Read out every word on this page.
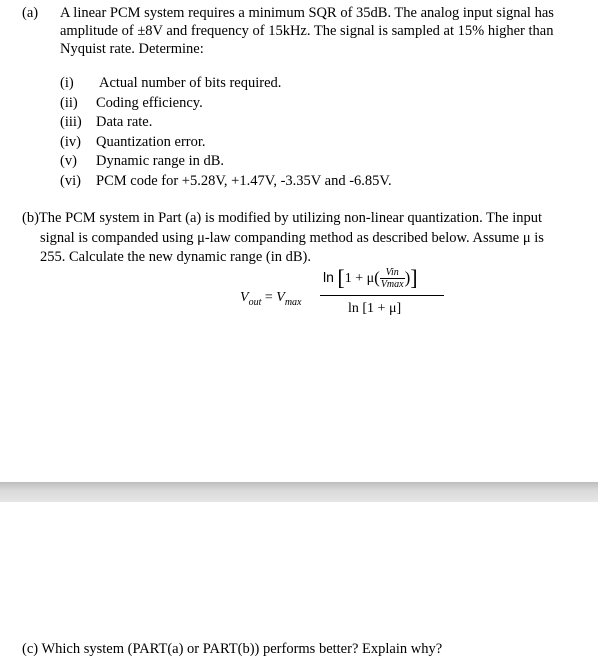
(a) A linear PCM system requires a minimum SQR of 35dB. The analog input signal has
amplitude of ±8V and frequency of 15kHz. The signal is sampled at 15% higher than
Nyquist rate. Determine:
(i) Actual number of bits required.
(ii) Coding efficiency.
(iii) Data rate.
(iv) Quantization error.
(v) Dynamic range in dB.
(vi) PCM code for +5.28V, +1.47V, -3.35V and -6.85V.
(b)The PCM system in Part (a) is modified by utilizing non-linear quantization. The input
signal is companded using μ-law companding method as described below. Assume μ is
255. Calculate the new dynamic range (in dB).
$V_{out} = V_{max}$
$\ln [1 + \mu( \frac{\text{Vin}}{Vmax}$ )]
ln [1 + μ]
(c) Which system (PART(a) or PART(b)) performs better? Explain why?
